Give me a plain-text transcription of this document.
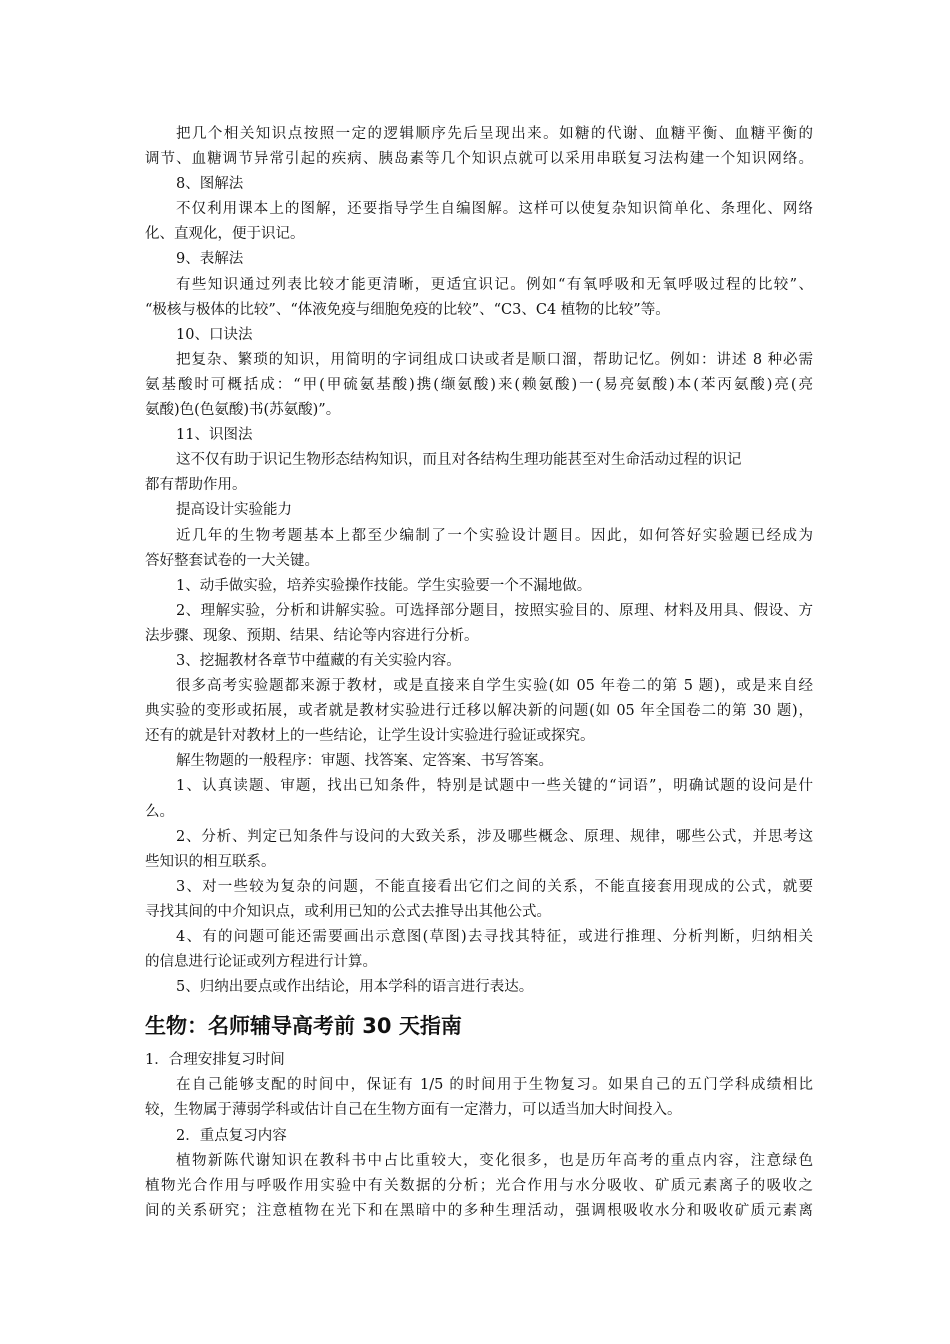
把几个相关知识点按照一定的逻辑顺序先后呈现出来。如糖的代谢、血糖平衡、血糖平衡的
调节、血糖调节异常引起的疾病、胰岛素等几个知识点就可以采用串联复习法构建一个知识网络。
8、图解法
不仅利用课本上的图解，还要指导学生自编图解。这样可以使复杂知识简单化、条理化、网络
化、直观化，便于识记。
9、表解法
有些知识通过列表比较才能更清晰，更适宜识记。例如“有氧呼吸和无氧呼吸过程的比较”、
“极核与极体的比较”、“体液免疫与细胞免疫的比较”、“C3、C4 植物的比较”等。
10、口诀法
把复杂、繁琐的知识，用简明的字词组成口诀或者是顺口溜，帮助记忆。例如：讲述 8 种必需
氨基酸时可概括成：“甲(甲硫氨基酸)携(缬氨酸)来(赖氨酸)一(易亮氨酸)本(苯丙氨酸)亮(亮
氨酸)色(色氨酸)书(苏氨酸)”。
11、识图法
这不仅有助于识记生物形态结构知识，而且对各结构生理功能甚至对生命活动过程的识记
都有帮助作用。
提高设计实验能力
近几年的生物考题基本上都至少编制了一个实验设计题目。因此，如何答好实验题已经成为
答好整套试卷的一大关键。
1、动手做实验，培养实验操作技能。学生实验要一个不漏地做。
2、理解实验，分析和讲解实验。可选择部分题目，按照实验目的、原理、材料及用具、假设、方
法步骤、现象、预期、结果、结论等内容进行分析。
3、挖掘教材各章节中蕴藏的有关实验内容。
很多高考实验题都来源于教材，或是直接来自学生实验(如 05 年卷二的第 5 题)，或是来自经
典实验的变形或拓展，或者就是教材实验进行迁移以解决新的问题(如 05 年全国卷二的第 30 题)，
还有的就是针对教材上的一些结论，让学生设计实验进行验证或探究。
解生物题的一般程序：审题、找答案、定答案、书写答案。
1、认真读题、审题，找出已知条件，特别是试题中一些关键的“词语”，明确试题的设问是什
么。
2、分析、判定已知条件与设问的大致关系，涉及哪些概念、原理、规律，哪些公式，并思考这
些知识的相互联系。
3、对一些较为复杂的问题，不能直接看出它们之间的关系，不能直接套用现成的公式，就要
寻找其间的中介知识点，或利用已知的公式去推导出其他公式。
4、有的问题可能还需要画出示意图(草图)去寻找其特征，或进行推理、分析判断，归纳相关
的信息进行论证或列方程进行计算。
5、归纳出要点或作出结论，用本学科的语言进行表达。
生物：名师辅导高考前 30 天指南
1．合理安排复习时间
在自己能够支配的时间中，保证有 1/5 的时间用于生物复习。如果自己的五门学科成绩相比
较，生物属于薄弱学科或估计自己在生物方面有一定潜力，可以适当加大时间投入。
2．重点复习内容
植物新陈代谢知识在教科书中占比重较大，变化很多，也是历年高考的重点内容，注意绿色
植物光合作用与呼吸作用实验中有关数据的分析；光合作用与水分吸收、矿质元素离子的吸收之
间的关系研究；注意植物在光下和在黑暗中的多种生理活动，强调根吸收水分和吸收矿质元素离
